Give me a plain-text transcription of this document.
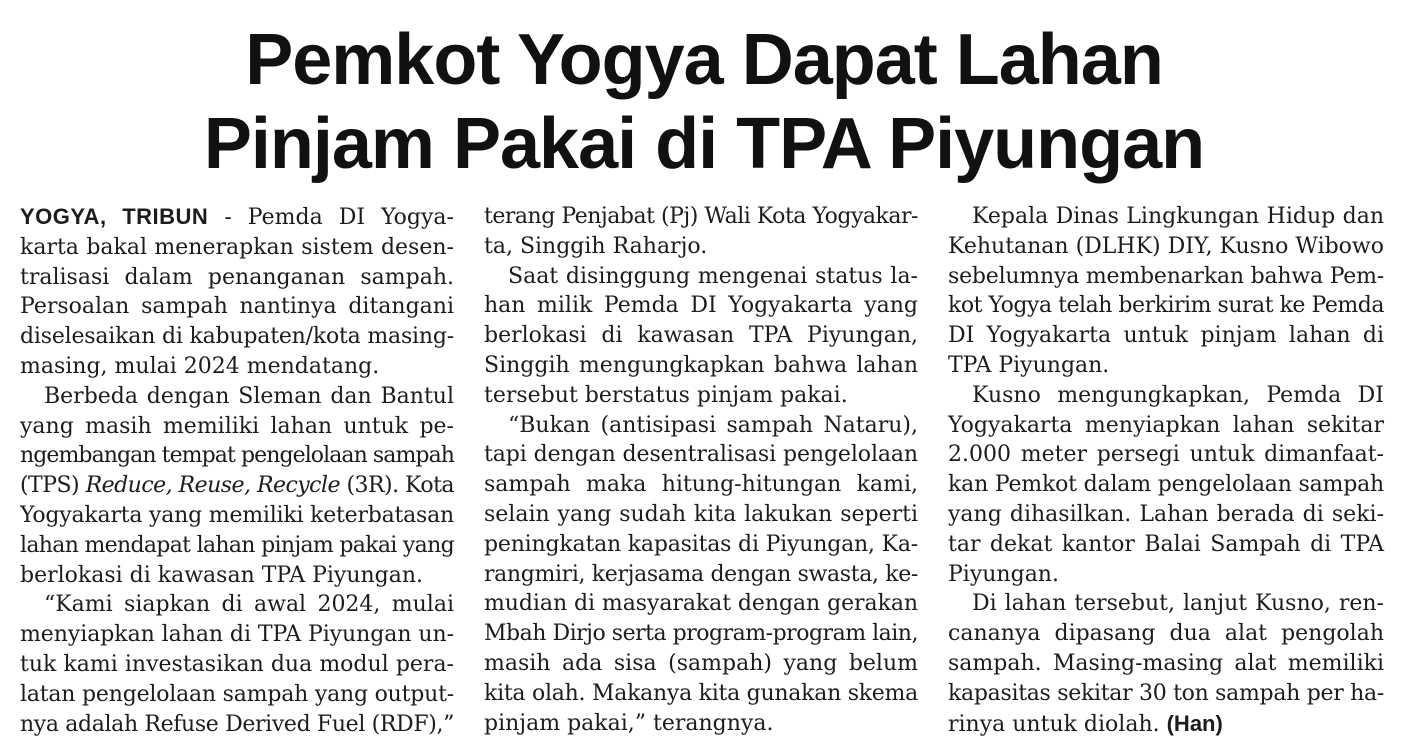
Pemkot Yogya Dapat Lahan
Pinjam Pakai di TPA Piyungan
YOGYA, TRIBUN - Pemda DI Yogya-
karta bakal menerapkan sistem desen-
tralisasi dalam penanganan sampah.
Persoalan sampah nantinya ditangani
diselesaikan di kabupaten/kota masing-
masing, mulai 2024 mendatang.
Berbeda dengan Sleman dan Bantul
yang masih memiliki lahan untuk pe-
ngembangan tempat pengelolaan sampah
(TPS) Reduce, Reuse, Recycle (3R). Kota
Yogyakarta yang memiliki keterbatasan
lahan mendapat lahan pinjam pakai yang
berlokasi di kawasan TPA Piyungan.
“Kami siapkan di awal 2024, mulai
menyiapkan lahan di TPA Piyungan un-
tuk kami investasikan dua modul pera-
latan pengelolaan sampah yang output-
nya adalah Refuse Derived Fuel (RDF),”
terang Penjabat (Pj) Wali Kota Yogyakar-
ta, Singgih Raharjo.
Saat disinggung mengenai status la-
han milik Pemda DI Yogyakarta yang
berlokasi di kawasan TPA Piyungan,
Singgih mengungkapkan bahwa lahan
tersebut berstatus pinjam pakai.
“Bukan (antisipasi sampah Nataru),
tapi dengan desentralisasi pengelolaan
sampah maka hitung-hitungan kami,
selain yang sudah kita lakukan seperti
peningkatan kapasitas di Piyungan, Ka-
rangmiri, kerjasama dengan swasta, ke-
mudian di masyarakat dengan gerakan
Mbah Dirjo serta program-program lain,
masih ada sisa (sampah) yang belum
kita olah. Makanya kita gunakan skema
pinjam pakai,” terangnya.
Kepala Dinas Lingkungan Hidup dan
Kehutanan (DLHK) DIY, Kusno Wibowo
sebelumnya membenarkan bahwa Pem-
kot Yogya telah berkirim surat ke Pemda
DI Yogyakarta untuk pinjam lahan di
TPA Piyungan.
Kusno mengungkapkan, Pemda DI
Yogyakarta menyiapkan lahan sekitar
2.000 meter persegi untuk dimanfaat-
kan Pemkot dalam pengelolaan sampah
yang dihasilkan. Lahan berada di seki-
tar dekat kantor Balai Sampah di TPA
Piyungan.
Di lahan tersebut, lanjut Kusno, ren-
cananya dipasang dua alat pengolah
sampah. Masing-masing alat memiliki
kapasitas sekitar 30 ton sampah per ha-
rinya untuk diolah. (Han)
